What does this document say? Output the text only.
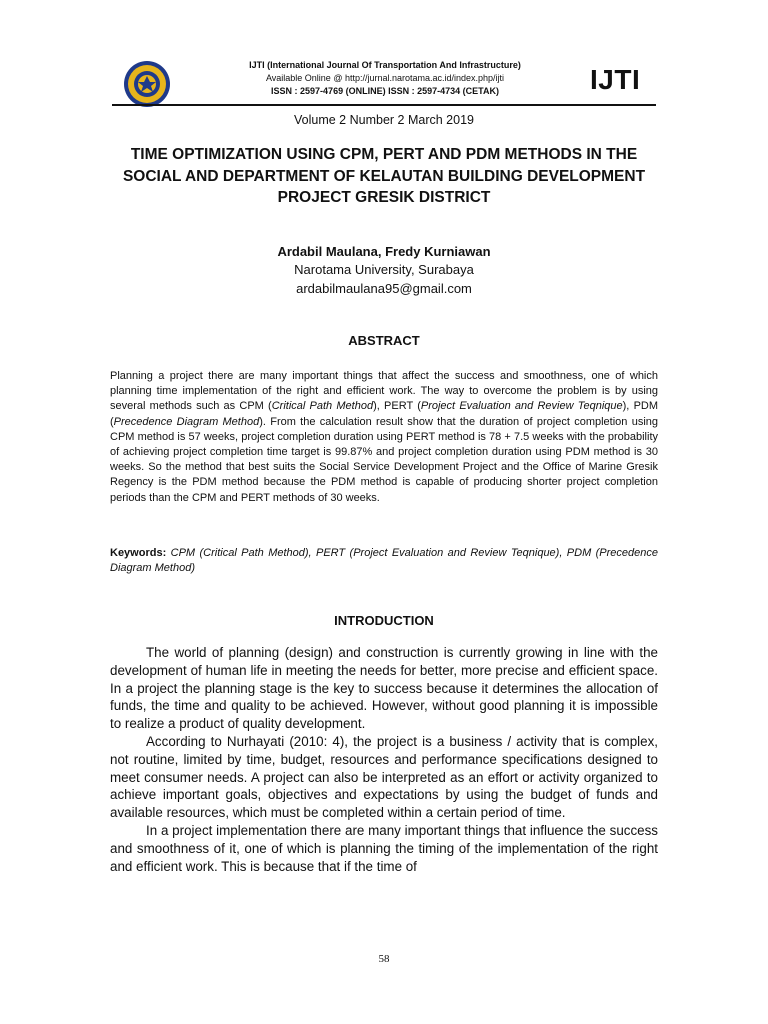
IJTI (International Journal Of Transportation And Infrastructure)
Available Online @ http://jurnal.narotama.ac.id/index.php/ijti
ISSN : 2597-4769 (ONLINE) ISSN : 2597-4734 (CETAK)	IJTI
Volume 2 Number 2 March 2019
TIME OPTIMIZATION USING CPM, PERT AND PDM METHODS IN THE SOCIAL AND DEPARTMENT OF KELAUTAN BUILDING DEVELOPMENT PROJECT GRESIK DISTRICT
Ardabil Maulana, Fredy Kurniawan
Narotama University, Surabaya
ardabilmaulana95@gmail.com
ABSTRACT
Planning a project there are many important things that affect the success and smoothness, one of which planning time implementation of the right and efficient work. The way to overcome the problem is by using several methods such as CPM (Critical Path Method), PERT (Project Evaluation and Review Teqnique), PDM (Precedence Diagram Method). From the calculation result show that the duration of project completion using CPM method is 57 weeks, project completion duration using PERT method is 78 + 7.5 weeks with the probability of achieving project completion time target is 99.87% and project completion duration using PDM method is 30 weeks. So the method that best suits the Social Service Development Project and the Office of Marine Gresik Regency is the PDM method because the PDM method is capable of producing shorter project completion periods than the CPM and PERT methods of 30 weeks.
Keywords: CPM (Critical Path Method), PERT (Project Evaluation and Review Teqnique), PDM (Precedence Diagram Method)
INTRODUCTION

The world of planning (design) and construction is currently growing in line with the development of human life in meeting the needs for better, more precise and efficient space. In a project the planning stage is the key to success because it determines the allocation of funds, the time and quality to be achieved. However, without good planning it is impossible to realize a product of quality development.

According to Nurhayati (2010: 4), the project is a business / activity that is complex, not routine, limited by time, budget, resources and performance specifications designed to meet consumer needs. A project can also be interpreted as an effort or activity organized to achieve important goals, objectives and expectations by using the budget of funds and available resources, which must be completed within a certain period of time.

In a project implementation there are many important things that influence the success and smoothness of it, one of which is planning the timing of the implementation of the right and efficient work. This is because that if the time of

58
